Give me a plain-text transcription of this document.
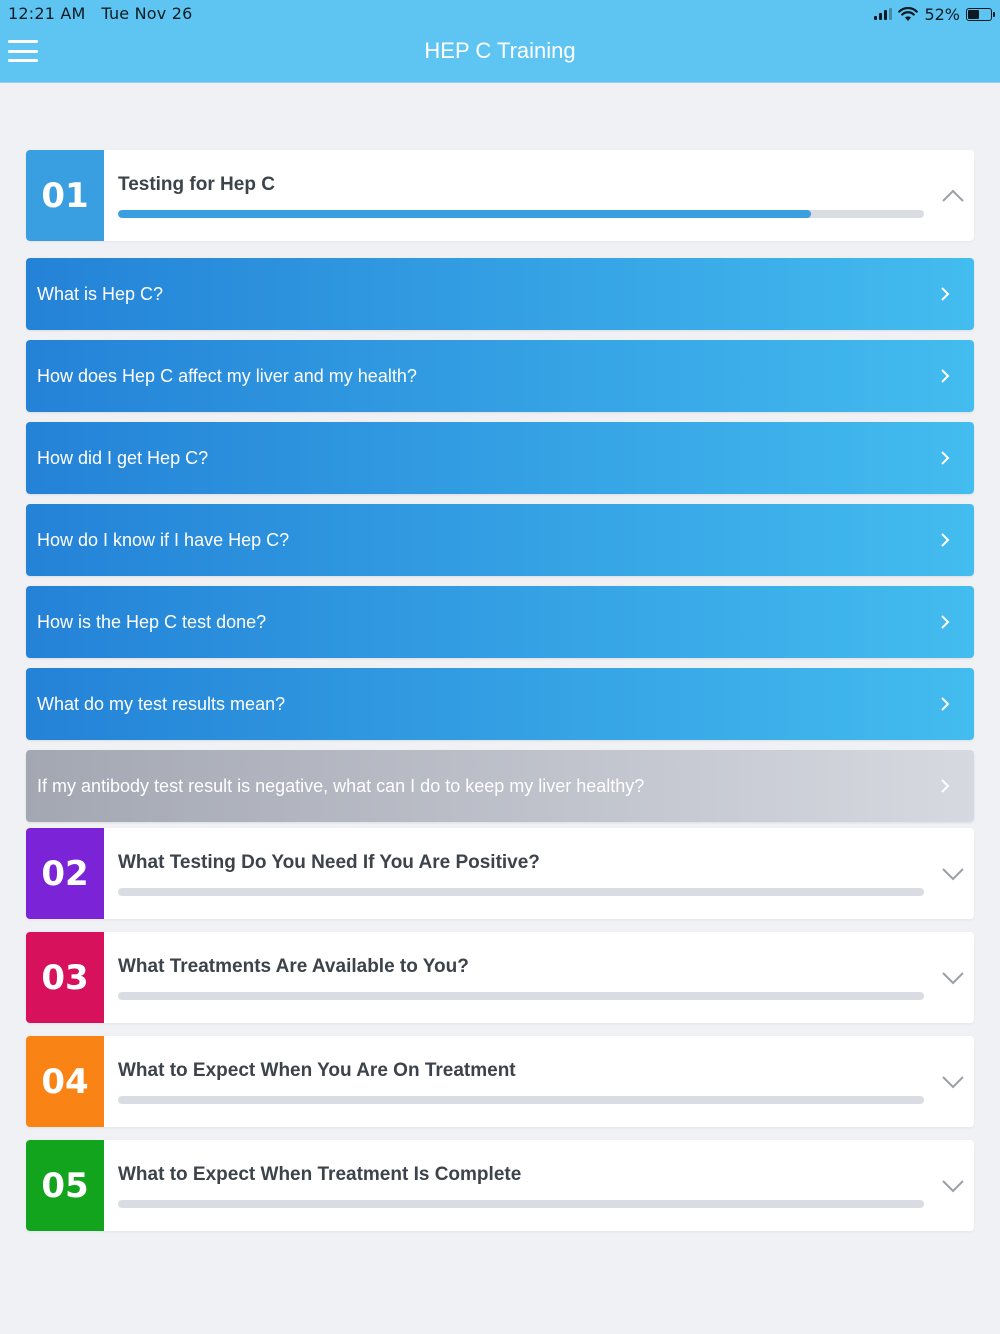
12:21 AM Tue Nov 26	52%
HEP C Training
01	Testing for Hep C
What is Hep C?
How does Hep C affect my liver and my health?
How did I get Hep C?
How do I know if I have Hep C?
How is the Hep C test done?
What do my test results mean?
If my antibody test result is negative, what can I do to keep my liver healthy?
02	What Testing Do You Need If You Are Positive?
03	What Treatments Are Available to You?
04	What to Expect When You Are On Treatment
05	What to Expect When Treatment Is Complete
